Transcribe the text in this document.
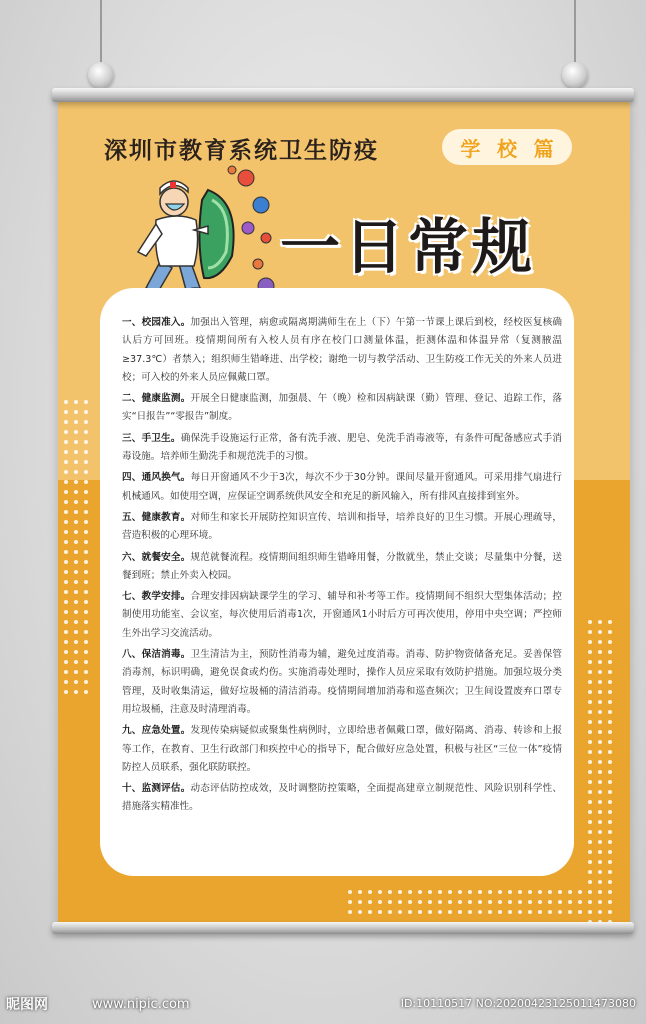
深圳市教育系统卫生防疫	学 校 篇
一日常规
一、校园准入。加强出入管理，病愈或隔离期满师生在上（下）午第一节课上课后到校，经校医复核确认后方可回班。疫情期间所有入校人员有序在校门口测量体温，拒测体温和体温异常（复测腋温≥37.3℃）者禁入；组织师生错峰进、出学校；谢绝一切与教学活动、卫生防疫工作无关的外来人员进校；可入校的外来人员应佩戴口罩。
二、健康监测。开展全日健康监测，加强晨、午（晚）检和因病缺课（勤）管理、登记、追踪工作，落实“日报告”“零报告”制度。
三、手卫生。确保洗手设施运行正常，备有洗手液、肥皂、免洗手消毒液等，有条件可配备感应式手消毒设施。培养师生勤洗手和规范洗手的习惯。
四、通风换气。每日开窗通风不少于3次，每次不少于30分钟。课间尽量开窗通风。可采用排气扇进行机械通风。如使用空调，应保证空调系统供风安全和充足的新风输入，所有排风直接排到室外。
五、健康教育。对师生和家长开展防控知识宣传、培训和指导，培养良好的卫生习惯。开展心理疏导，营造积极的心理环境。
六、就餐安全。规范就餐流程。疫情期间组织师生错峰用餐，分散就坐，禁止交谈；尽量集中分餐，送餐到班；禁止外卖入校园。
七、教学安排。合理安排因病缺课学生的学习、辅导和补考等工作。疫情期间不组织大型集体活动；控制使用功能室、会议室，每次使用后消毒1次，开窗通风1小时后方可再次使用，停用中央空调；严控师生外出学习交流活动。
八、保洁消毒。卫生清洁为主，预防性消毒为辅，避免过度消毒。消毒、防护物资储备充足。妥善保管消毒剂，标识明确，避免误食或灼伤。实施消毒处理时，操作人员应采取有效防护措施。加强垃圾分类管理，及时收集清运，做好垃圾桶的清洁消毒。疫情期间增加消毒和巡查频次；卫生间设置废弃口罩专用垃圾桶，注意及时清理消毒。
九、应急处置。发现传染病疑似或聚集性病例时，立即给患者佩戴口罩，做好隔离、消毒、转诊和上报等工作，在教育、卫生行政部门和疾控中心的指导下，配合做好应急处置，积极与社区“三位一体”疫情防控人员联系，强化联防联控。
十、监测评估。动态评估防控成效，及时调整防控策略，全面提高建章立制规范性、风险识别科学性、措施落实精准性。
昵图网	www.nipic.com	ID:10110517 NO:20200423125011473080
